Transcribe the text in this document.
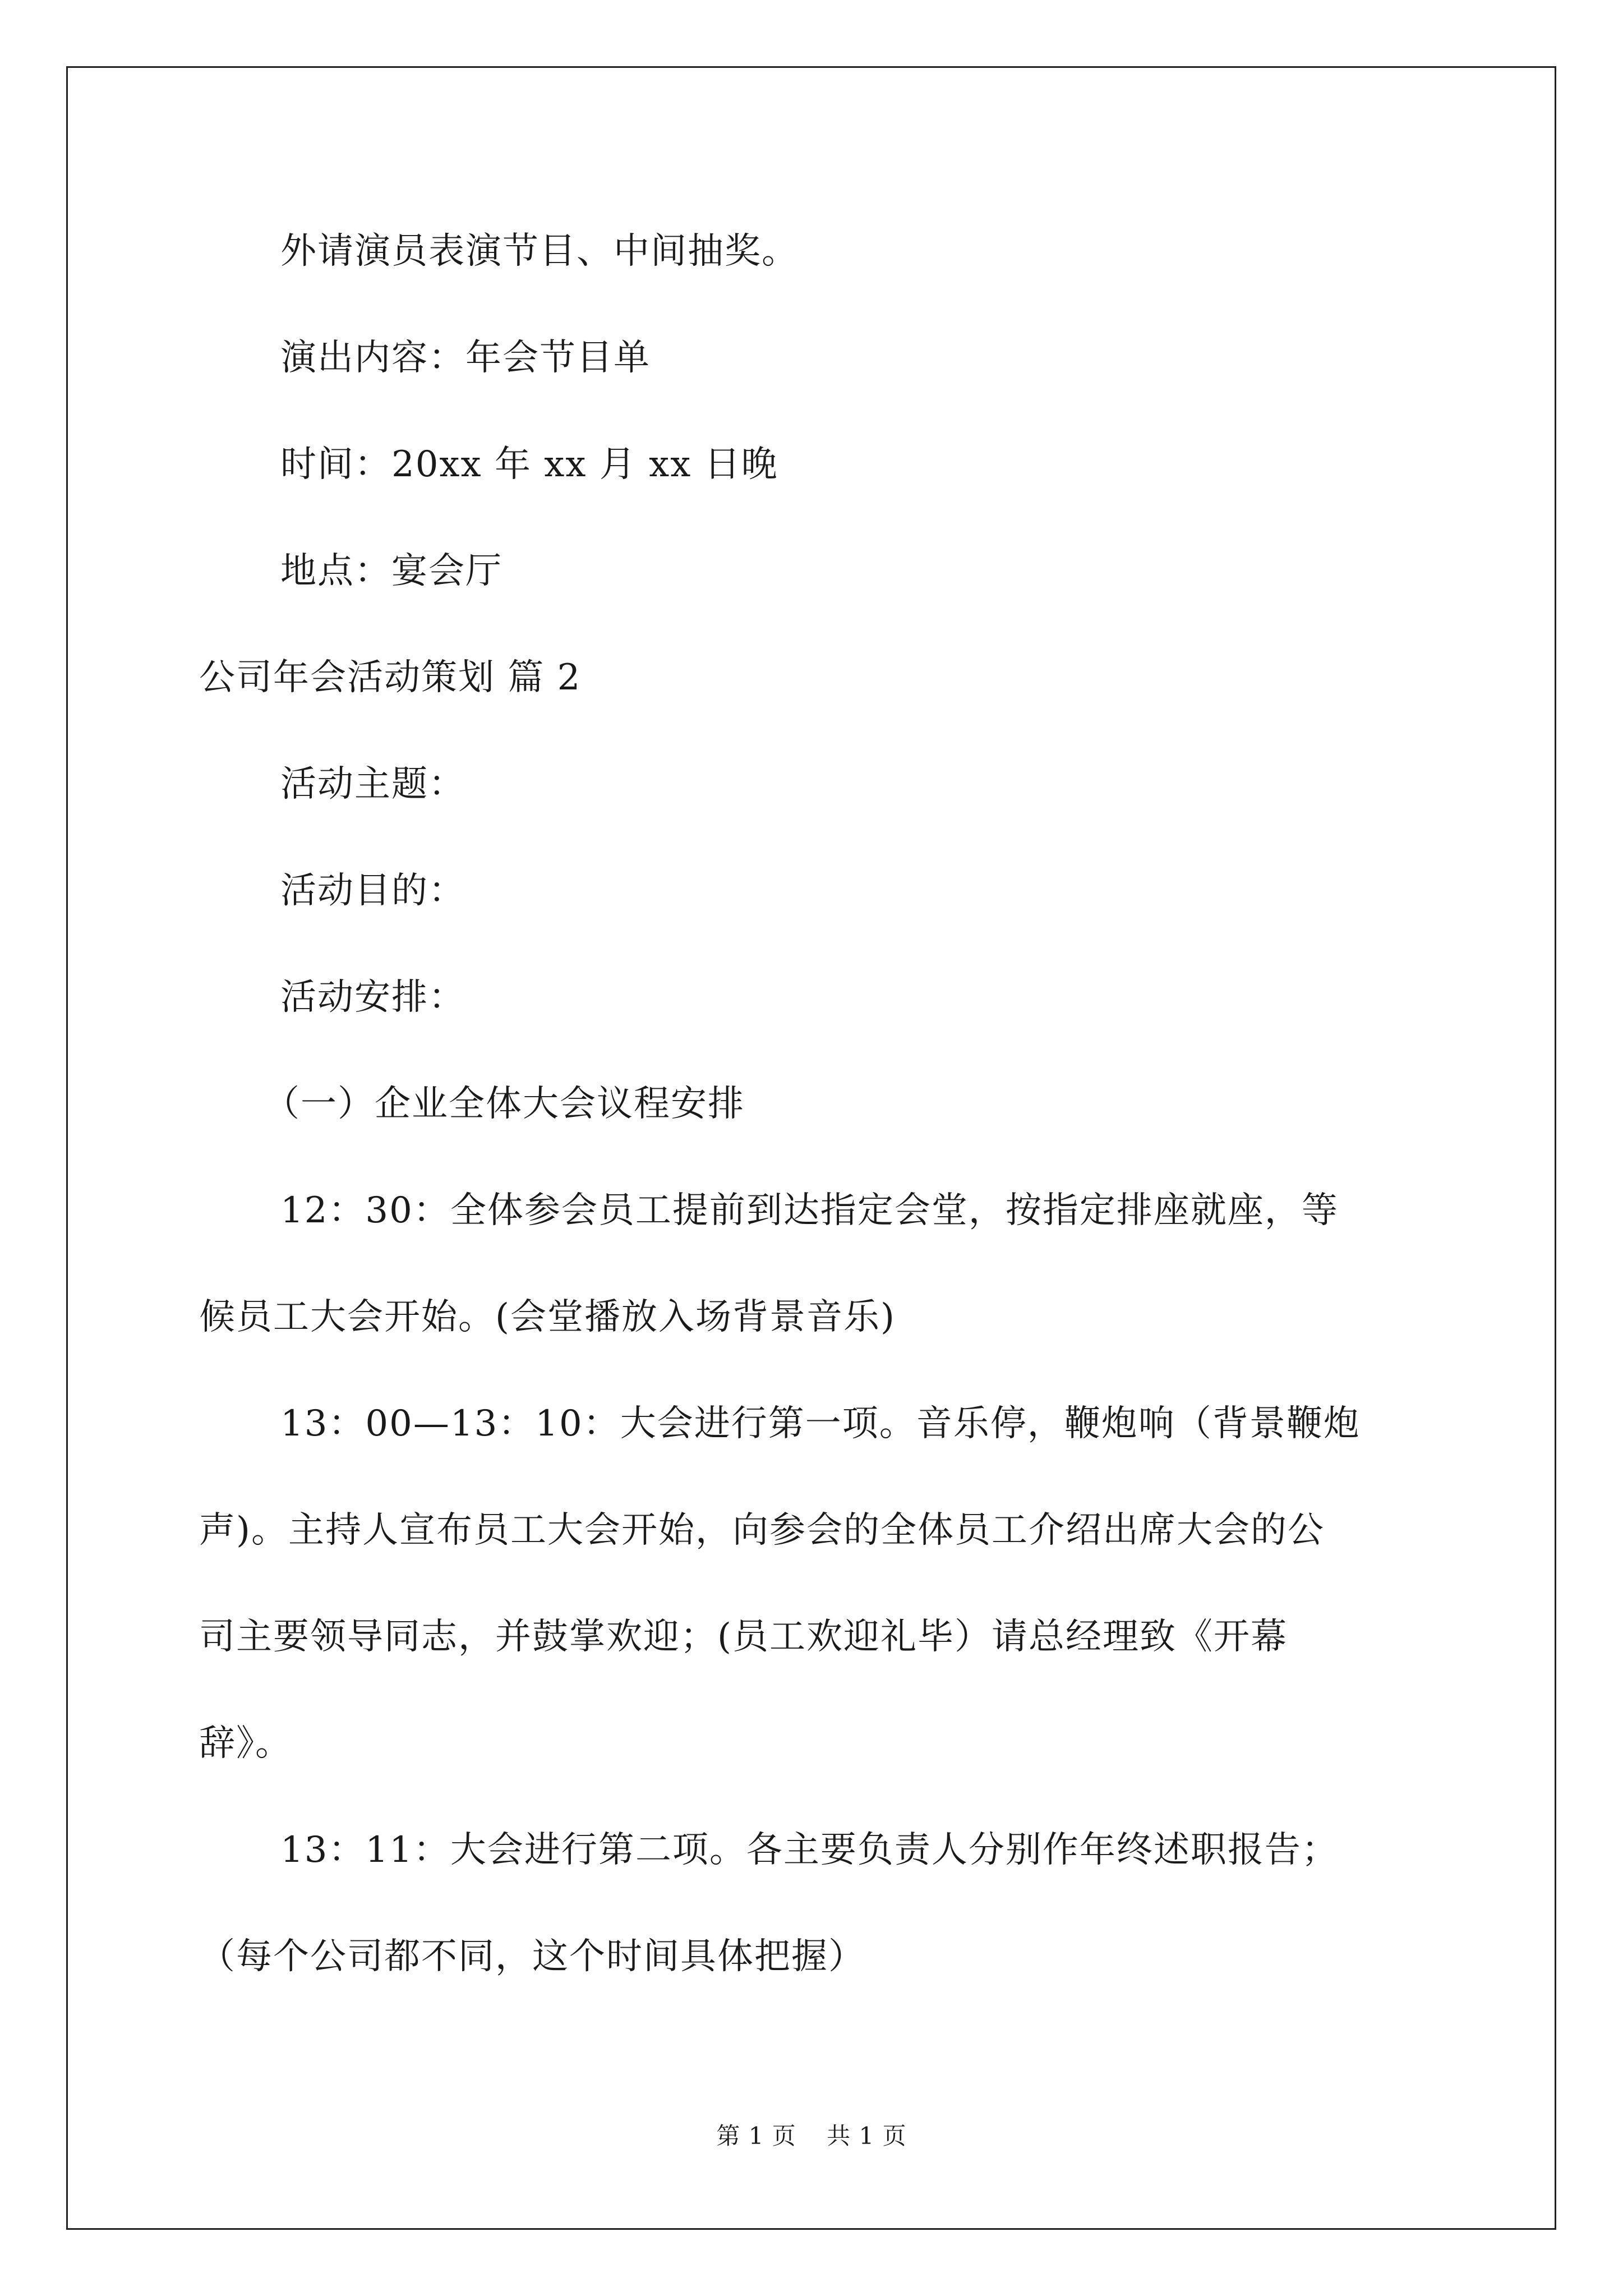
外请演员表演节目、中间抽奖。
演出内容：年会节目单
时间：20xx 年 xx 月 xx 日晚
地点：宴会厅
公司年会活动策划 篇 2
活动主题：
活动目的：
活动安排：
（一）企业全体大会议程安排
12：30：全体参会员工提前到达指定会堂，按指定排座就座，等
候员工大会开始。(会堂播放入场背景音乐)
13：00—13：10：大会进行第一项。音乐停，鞭炮响（背景鞭炮
声)。主持人宣布员工大会开始，向参会的全体员工介绍出席大会的公
司主要领导同志，并鼓掌欢迎；(员工欢迎礼毕）请总经理致《开幕
辞》。
13：11：大会进行第二项。各主要负责人分别作年终述职报告；
（每个公司都不同，这个时间具体把握）
第 1 页 共 1 页
